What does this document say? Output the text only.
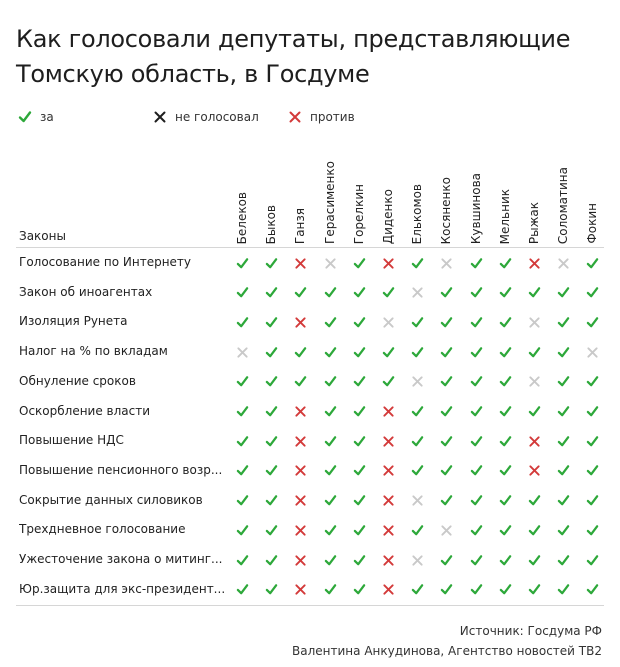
Как голосовали депутаты, представляющие Томскую область, в Госдуме
за	не голосовал	против
Белеков Быков Ганзя Герасименко Горелкин Диденко Елькомов Косяненко Кувшинова Мельник Рыжак Соломатина Фокин
Законы
Голосование по Интернету
Закон об иноагентах
Изоляция Рунета
Налог на % по вкладам
Обнуление сроков
Оскорбление власти
Повышение НДС
Повышение пенсионного возр...
Сокрытие данных силовиков
Трехдневное голосование
Ужесточение закона о митинг...
Юр.защита для экс-президент...
Источник: Госдума РФ
Валентина Анкудинова, Агентство новостей ТВ2
